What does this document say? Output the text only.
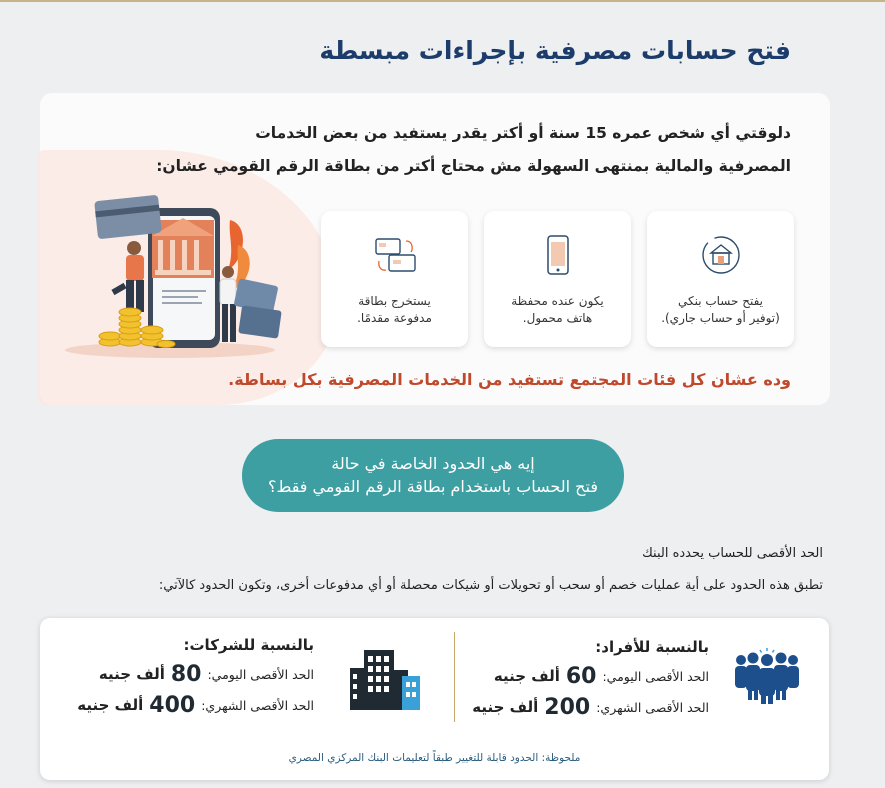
فتح حسابات مصرفية بإجراءات مبسطة
دلوقتي أي شخص عمره 15 سنة أو أكتر يقدر يستفيد من بعض الخدمات
المصرفية والمالية بمنتهى السهولة مش محتاج أكتر من بطاقة الرقم القومي عشان:
يفتح حساب بنكي
(توفير أو حساب جاري).
يكون عنده محفظة
هاتف محمول.
يستخرج بطاقة
مدفوعة مقدمًا.
وده عشان كل فئات المجتمع تستفيد من الخدمات المصرفية بكل بساطة.
إيه هي الحدود الخاصة في حالة
فتح الحساب باستخدام بطاقة الرقم القومي فقط؟
الحد الأقصى للحساب يحدده البنك
تطبق هذه الحدود على أية عمليات خصم أو سحب أو تحويلات أو شيكات محصلة أو أي مدفوعات أخرى، وتكون الحدود كالآتي:
بالنسبة للأفراد:
الحد الأقصى اليومي: 60 ألف جنيه
الحد الأقصى الشهري: 200 ألف جنيه
بالنسبة للشركات:
الحد الأقصى اليومي: 80 ألف جنيه
الحد الأقصى الشهري: 400 ألف جنيه
ملحوظة: الحدود قابلة للتغيير طبقاً لتعليمات البنك المركزي المصري
